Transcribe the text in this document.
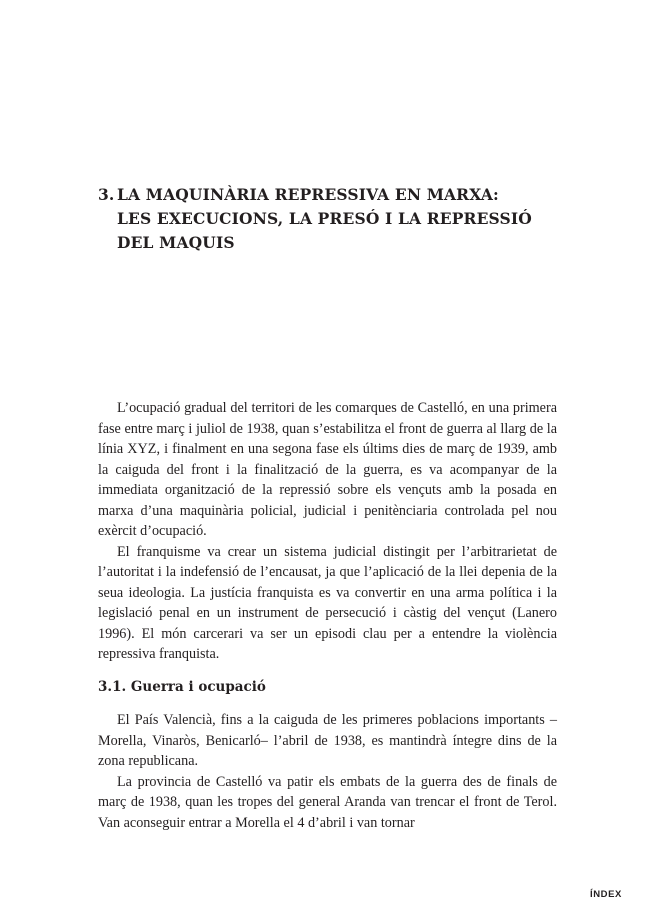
3. LA MAQUINÀRIA REPRESSIVA EN MARXA:
LES EXECUCIONS, LA PRESÓ I LA REPRESSIÓ
DEL MAQUIS

L’ocupació gradual del territori de les comarques de Castelló, en una primera fase entre març i juliol de 1938, quan s’estabilitza el front de guerra al llarg de la línia XYZ, i finalment en una segona fase els últims dies de març de 1939, amb la caiguda del front i la finalització de la guerra, es va acompanyar de la immediata organització de la repressió sobre els vençuts amb la posada en marxa d’una maquinària policial, judicial i penitènciaria controlada pel nou exèrcit d’ocupació.

El franquisme va crear un sistema judicial distingit per l’arbitrarietat de l’autoritat i la indefensió de l’encausat, ja que l’aplicació de la llei depenia de la seua ideologia. La justícia franquista es va convertir en una arma política i la legislació penal en un instrument de persecució i càstig del vençut (Lanero 1996). El món carcerari va ser un episodi clau per a entendre la violència repressiva franquista.

3.1. Guerra i ocupació

El País Valencià, fins a la caiguda de les primeres poblacions importants –Morella, Vinaròs, Benicarló– l’abril de 1938, es mantindrà íntegre dins de la zona republicana.

La provincia de Castelló va patir els embats de la guerra des de finals de març de 1938, quan les tropes del general Aranda van trencar el front de Terol. Van aconseguir entrar a Morella el 4 d’abril i van tornar

ÍNDEX
